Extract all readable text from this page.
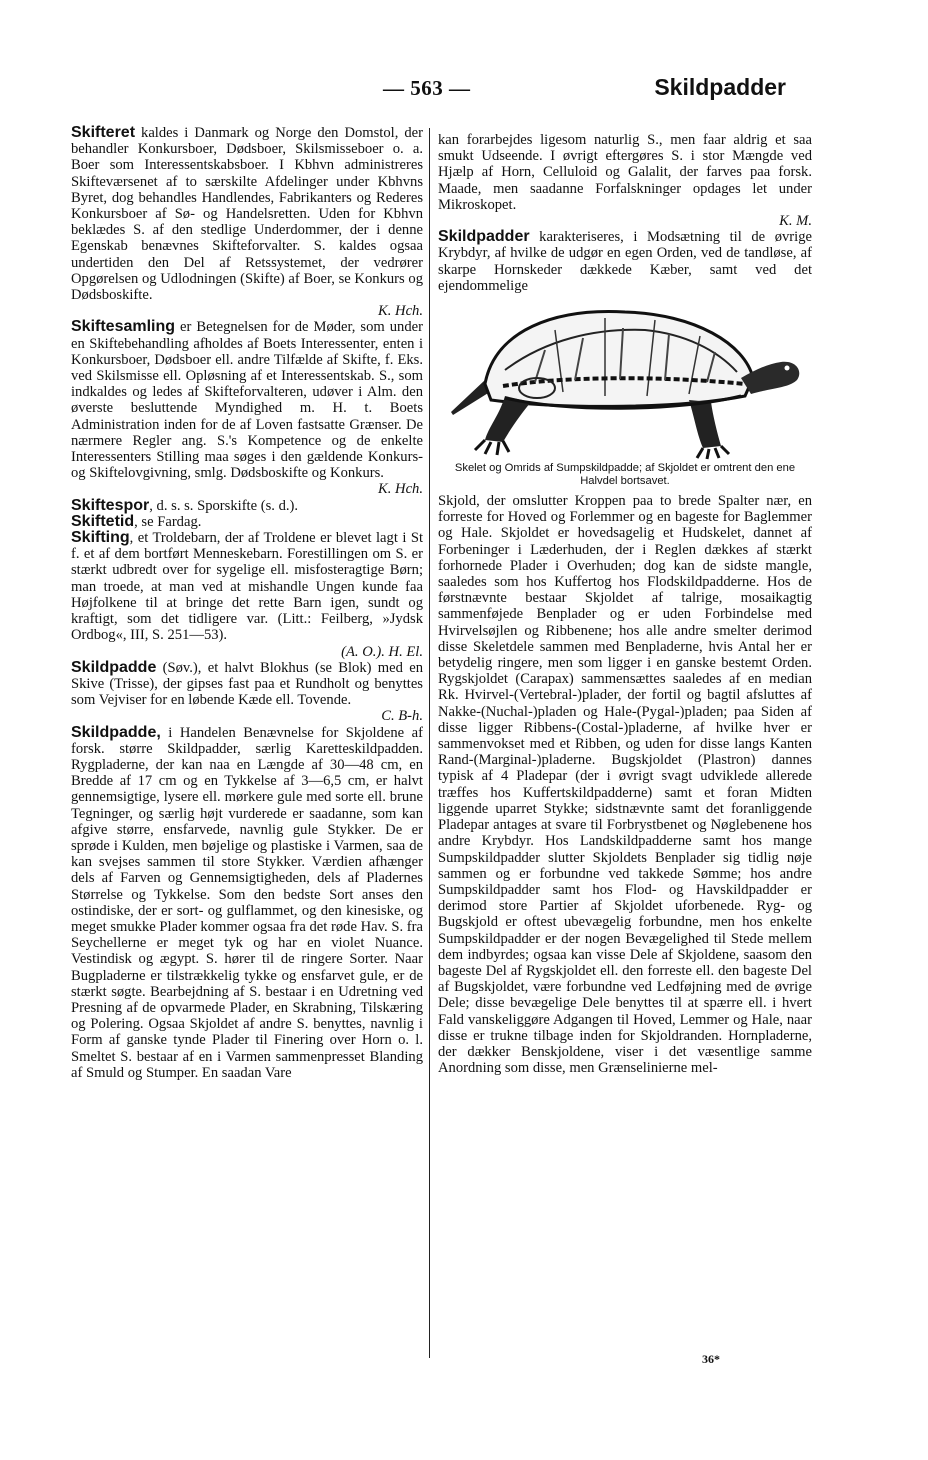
— 563 —	Skildpadder

Skifteret kaldes i Danmark og Norge den Domstol, der behandler Konkursboer, Dødsboer, Skilsmisseboer o. a. Boer som Interessentskabsboer. I Kbhvn administreres Skifteværsenet af to særskilte Afdelinger under Kbhvns Byret, dog behandles Handlendes, Fabrikanters og Rederes Konkursboer af Sø- og Handelsretten. Uden for Kbhvn beklædes S. af den stedlige Underdommer, der i denne Egenskab benævnes Skifteforvalter. S. kaldes ogsaa undertiden den Del af Retssystemet, der vedrører Opgørelsen og Udlodningen (Skifte) af Boer, se Konkurs og Dødsboskifte.
K. Hch.

Skiftesamling er Betegnelsen for de Møder, som under en Skiftebehandling afholdes af Boets Interessenter, enten i Konkursboer, Dødsboer ell. andre Tilfælde af Skifte, f. Eks. ved Skilsmisse ell. Opløsning af et Interessentskab. S., som indkaldes og ledes af Skifteforvalteren, udøver i Alm. den øverste besluttende Myndighed m. H. t. Boets Administration inden for de af Loven fastsatte Grænser. De nærmere Regler ang. S.'s Kompetence og de enkelte Interessenters Stilling maa søges i den gældende Konkurs- og Skiftelovgivning, smlg. Dødsboskifte og Konkurs.
K. Hch.

Skiftespor, d. s. s. Sporskifte (s. d.).

Skiftetid, se Fardag.

Skifting, et Troldebarn, der af Troldene er blevet lagt i St f. et af dem bortført Menneskebarn. Forestillingen om S. er stærkt udbredt over for sygelige ell. misfosteragtige Børn; man troede, at man ved at mishandle Ungen kunde faa Højfolkene til at bringe det rette Barn igen, sundt og kraftigt, som det tidligere var. (Litt.: Feilberg, »Jydsk Ordbog«, III, S. 251—53).
(A. O.). H. El.

Skildpadde (Søv.), et halvt Blokhus (se Blok) med en Skive (Trisse), der gipses fast paa et Rundholt og benyttes som Vejviser for en løbende Kæde ell. Tovende.
C. B-h.

Skildpadde, i Handelen Benævnelse for Skjoldene af forsk. større Skildpadder, særlig Karetteskildpadden. Rygpladerne, der kan naa en Længde af 30—48 cm, en Bredde af 17 cm og en Tykkelse af 3—6,5 cm, er halvt gennemsigtige, lysere ell. mørkere gule med sorte ell. brune Tegninger, og særlig højt vurderede er saadanne, som kan afgive større, ensfarvede, navnlig gule Stykker. De er sprøde i Kulden, men bøjelige og plastiske i Varmen, saa de kan svejses sammen til store Stykker. Værdien afhænger dels af Farven og Gennemsigtigheden, dels af Pladernes Størrelse og Tykkelse. Som den bedste Sort anses den ostindiske, der er sort- og gulflammet, og den kinesiske, og meget smukke Plader kommer ogsaa fra det røde Hav. S. fra Seychellerne er meget tyk og har en violet Nuance. Vestindisk og ægypt. S. hører til de ringere Sorter. Naar Bugpladerne er tilstrækkelig tykke og ensfarvet gule, er de stærkt søgte. Bearbejdning af S. bestaar i en Udretning ved Presning af de opvarmede Plader, en Skrabning, Tilskæring og Polering. Ogsaa Skjoldet af andre S. benyttes, navnlig i Form af ganske tynde Plader til Finering over Horn o. l. Smeltet S. bestaar af en i Varmen sammenpresset Blanding af Smuld og Stumper. En saadan Vare

kan forarbejdes ligesom naturlig S., men faar aldrig et saa smukt Udseende. I øvrigt eftergøres S. i stor Mængde ved Hjælp af Horn, Celluloid og Galalit, der farves paa forsk. Maade, men saadanne Forfalskninger opdages let under Mikroskopet.
K. M.

Skildpadder karakteriseres, i Modsætning til de øvrige Krybdyr, af hvilke de udgør en egen Orden, ved de tandløse, af skarpe Hornskeder dækkede Kæber, samt ved det ejendommelige

Skelet og Omrids af Sumpskildpadde; af Skjoldet er omtrent den ene Halvdel bortsavet.

Skjold, der omslutter Kroppen paa to brede Spalter nær, en forreste for Hoved og Forlemmer og en bageste for Baglemmer og Hale. Skjoldet er hovedsagelig et Hudskelet, dannet af Forbeninger i Læderhuden, der i Reglen dækkes af stærkt forhornede Plader i Overhuden; dog kan de sidste mangle, saaledes som hos Kuffertog hos Flodskildpadderne. Hos de førstnævnte bestaar Skjoldet af talrige, mosaikagtig sammenføjede Benplader og er uden Forbindelse med Hvirvelsøjlen og Ribbenene; hos alle andre smelter derimod disse Skeletdele sammen med Benpladerne, hvis Antal her er betydelig ringere, men som ligger i en ganske bestemt Orden. Rygskjoldet (Carapax) sammensættes saaledes af en median Rk. Hvirvel-(Vertebral-)plader, der fortil og bagtil afsluttes af Nakke-(Nuchal-)pladen og Hale-(Pygal-)pladen; paa Siden af disse ligger Ribbens-(Costal-)pladerne, af hvilke hver er sammenvokset med et Ribben, og uden for disse langs Kanten Rand-(Marginal-)pladerne. Bugskjoldet (Plastron) dannes typisk af 4 Pladepar (der i øvrigt svagt udviklede allerede træffes hos Kuffertskildpadderne) samt et foran Midten liggende uparret Stykke; sidstnævnte samt det foranliggende Pladepar antages at svare til Forbrystbenet og Nøglebenene hos andre Krybdyr. Hos Landskildpadderne samt hos mange Sumpskildpadder slutter Skjoldets Benplader sig tidlig nøje sammen og er forbundne ved takkede Sømme; hos andre Sumpskildpadder samt hos Flod- og Havskildpadder er derimod store Partier af Skjoldet uforbenede. Ryg- og Bugskjold er oftest ubevægelig forbundne, men hos enkelte Sumpskildpadder er der nogen Bevægelighed til Stede mellem dem indbyrdes; ogsaa kan visse Dele af Skjoldene, saasom den bageste Del af Rygskjoldet ell. den forreste ell. den bageste Del af Bugskjoldet, være forbundne ved Ledføjning med de øvrige Dele; disse bevægelige Dele benyttes til at spærre ell. i hvert Fald vanskeliggøre Adgangen til Hoved, Lemmer og Hale, naar disse er trukne tilbage inden for Skjoldranden. Hornpladerne, der dækker Benskjoldene, viser i det væsentlige samme Anordning som disse, men Grænselinierne mel-

36*
